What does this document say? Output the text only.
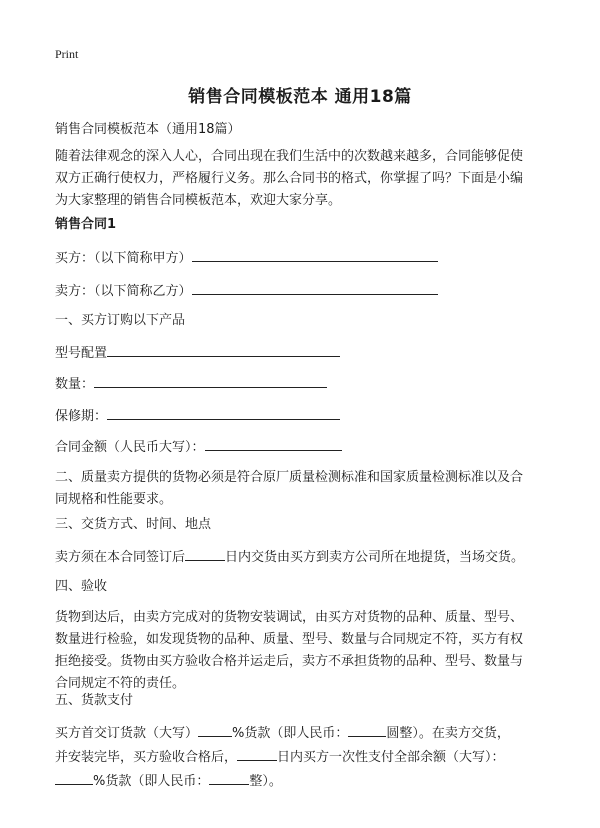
Print
销售合同模板范本 通用18篇
销售合同模板范本（通用18篇）
随着法律观念的深入人心，合同出现在我们生活中的次数越来越多，合同能够促使
双方正确行使权力，严格履行义务。那么合同书的格式，你掌握了吗？下面是小编
为大家整理的销售合同模板范本，欢迎大家分享。
销售合同1
买方：（以下简称甲方）
卖方：（以下简称乙方）
一、买方订购以下产品
型号配置
数量：
保修期：
合同金额（人民币大写）：
二、质量卖方提供的货物必须是符合原厂质量检测标准和国家质量检测标准以及合
同规格和性能要求。
三、交货方式、时间、地点
卖方须在本合同签订后	日内交货由买方到卖方公司所在地提货，当场交货。
四、验收
货物到达后，由卖方完成对的货物安装调试，由买方对货物的品种、质量、型号、
数量进行检验，如发现货物的品种、质量、型号、数量与合同规定不符，买方有权
拒绝接受。货物由买方验收合格并运走后，卖方不承担货物的品种、型号、数量与
合同规定不符的责任。
五、货款支付
买方首交订货款（大写）	%货款（即人民币：	圆整）。在卖方交货，
并安装完毕，买方验收合格后，	日内买方一次性支付全部余额（大写）：
%货款（即人民币：	整）。
